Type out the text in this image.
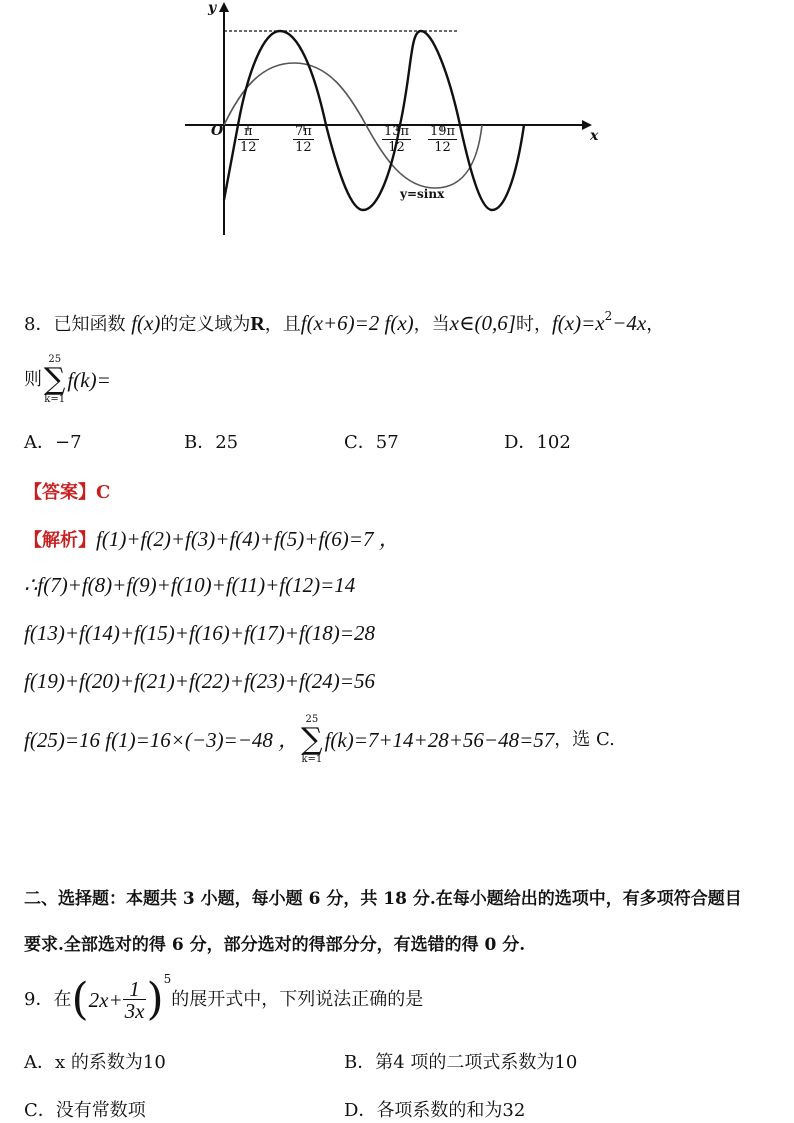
y
x
O $\frac{\pi}{12}$	$\frac{7\pi}{12}$	$\frac{13\pi}{12} \frac{19\pi}{12}$
y=sinx
8．已知函数 f(x)的定义域为R，且f(x+6)=2 f(x)，当x∈(0,6]时，$f(x)=x^2-4x$，
则25
∑
k=1f(k)=
A．−7	B．25	C．57	D．102
【答案】C
【解析】f(1)+f(2)+f(3)+f(4)+f(5)+f(6)=7 ，
∴f(7)+f(8)+f(9)+f(10)+f(11)+f(12)=14
f(13)+f(14)+f(15)+f(16)+f(17)+f(18)=28
f(19)+f(20)+f(21)+f(22)+f(23)+f(24)=56
f(25)=16 f(1)=16×(−3)=−48 ，25
∑
k=1f(k)=7+14+28+56−48=57，选 C.
二、选择题：本题共 3 小题，每小题 6 分，共 18 分.在每小题给出的选项中，有多项符合题目
要求.全部选对的得 6 分，部分选对的得部分分，有选错的得 0 分.
9．在$(2x+ \frac{1}{3x} )^5$的展开式中，下列说法正确的是
A．x 的系数为10	B．第4 项的二项式系数为10
C．没有常数项	D．各项系数的和为32
